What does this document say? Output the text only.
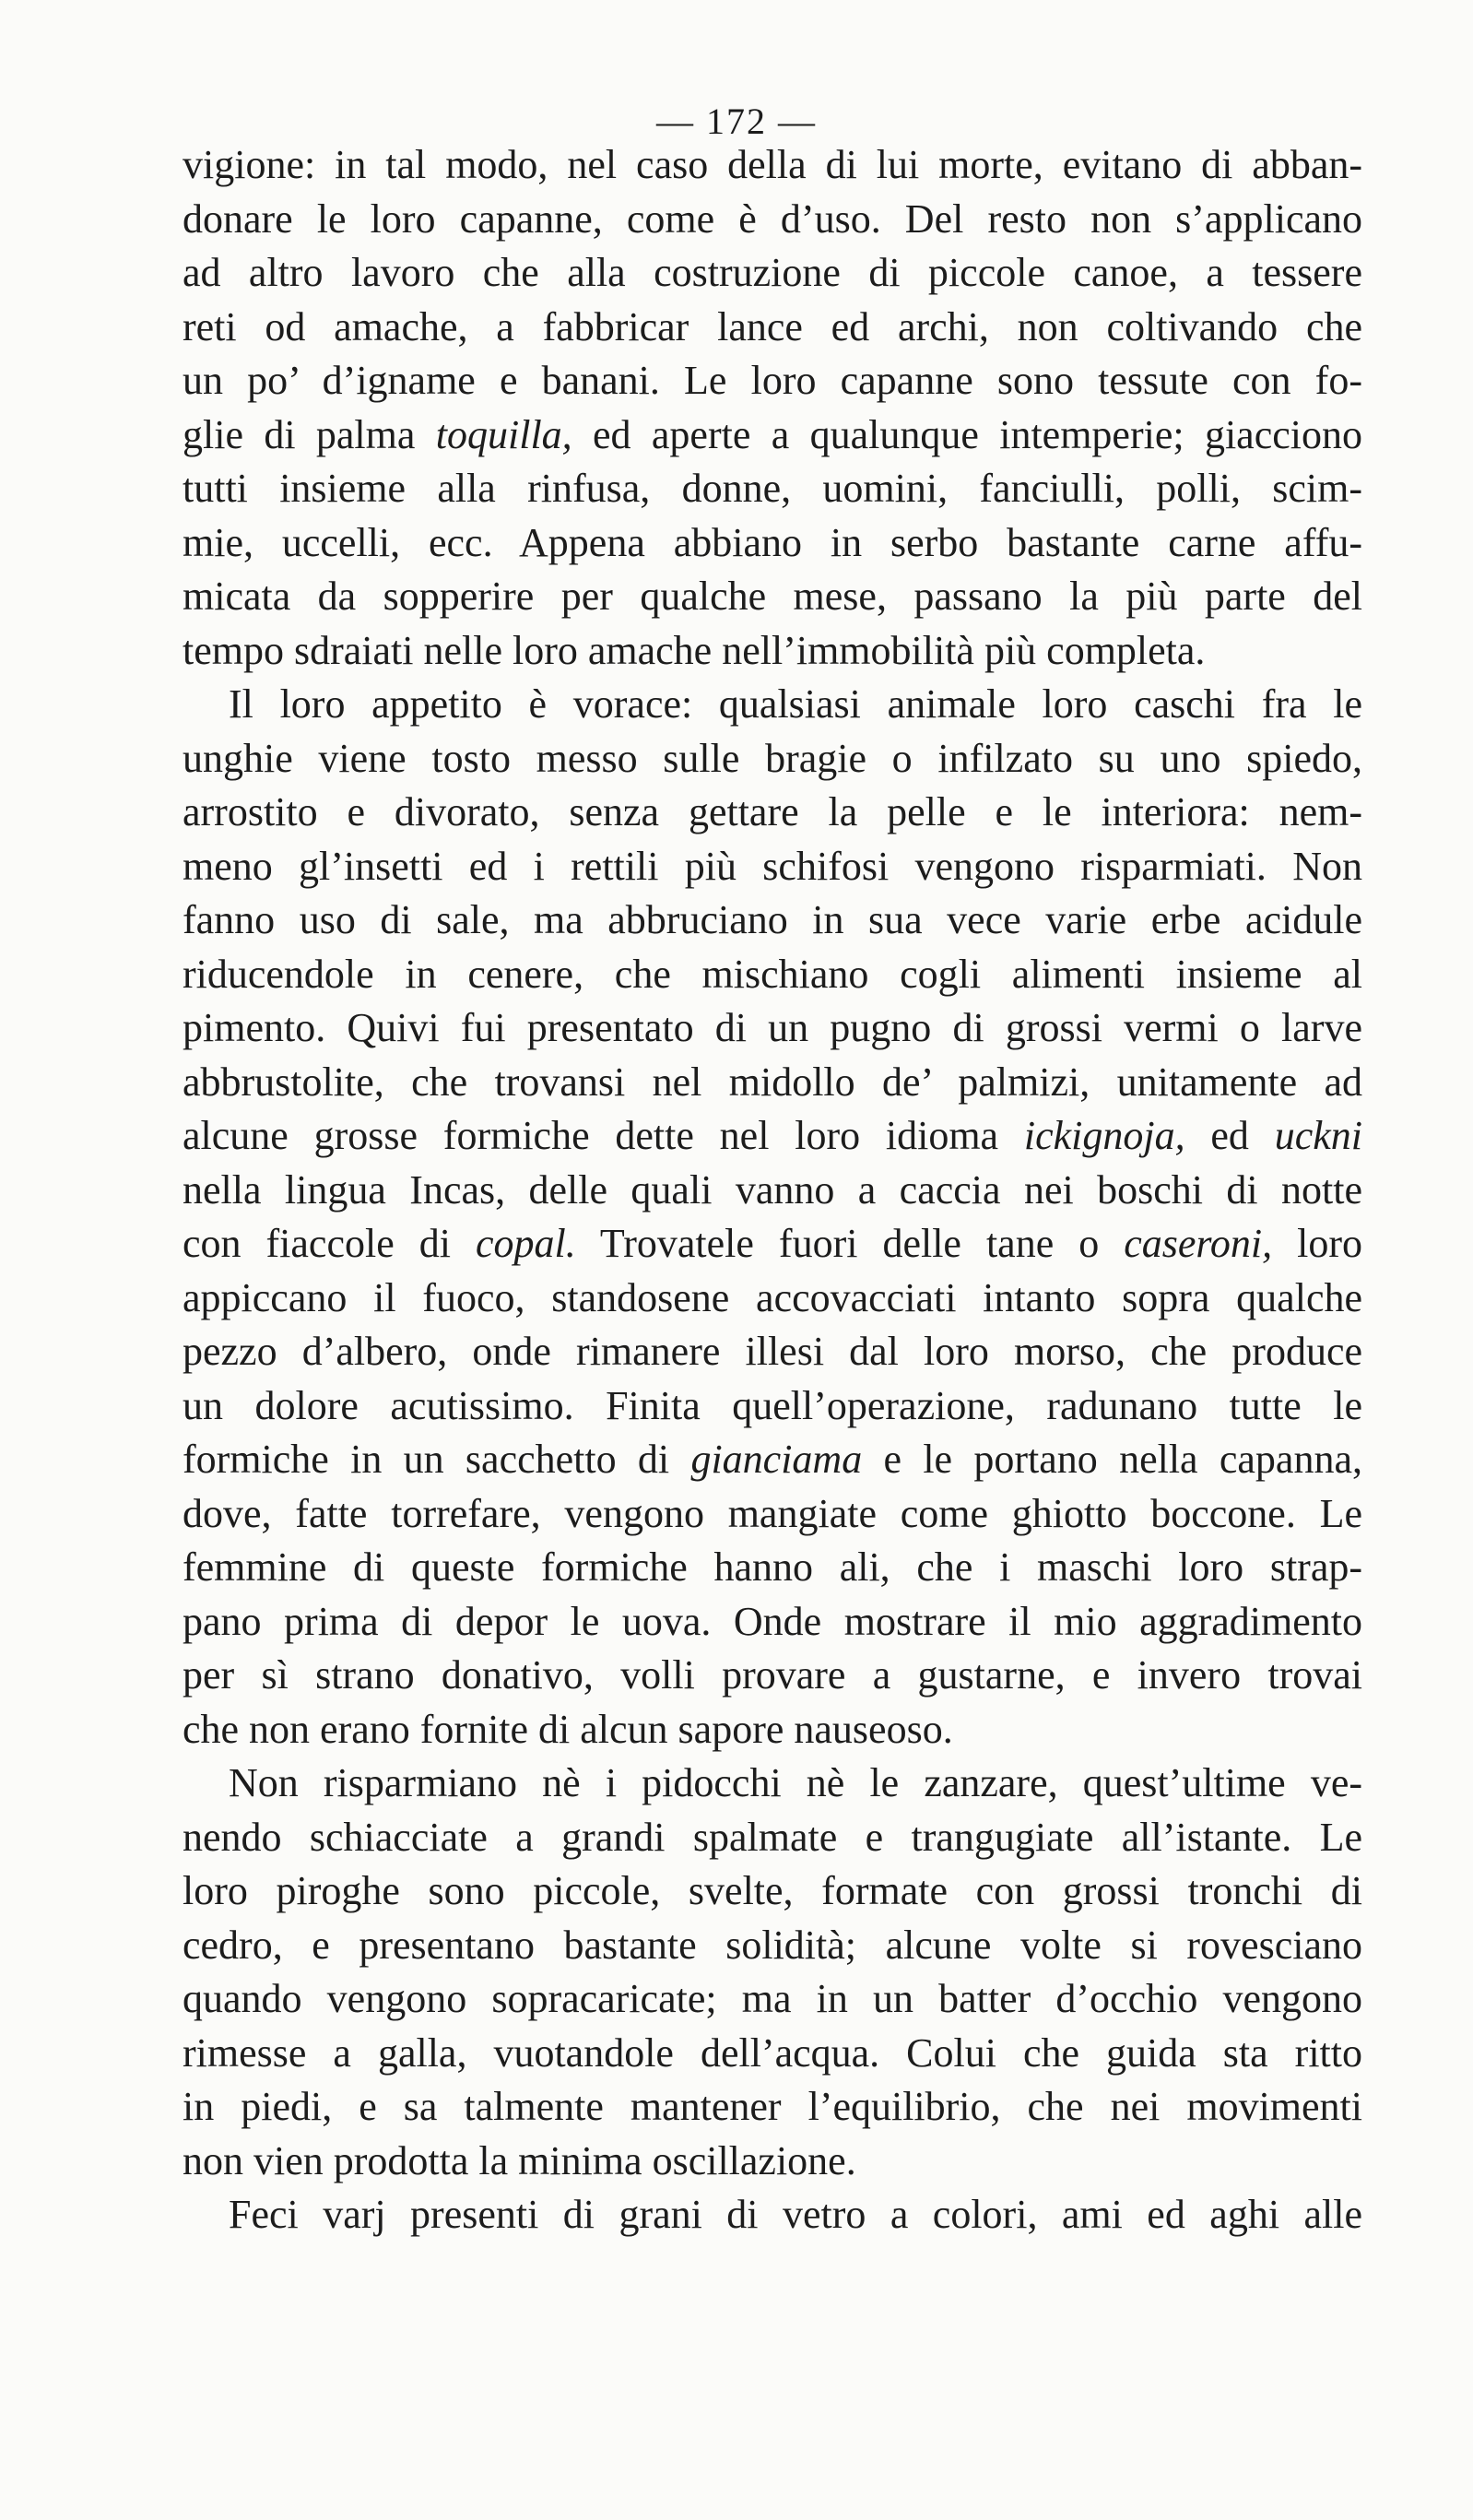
— 172 —
vigione: in tal modo, nel caso della di lui morte, evitano di abban-
donare le loro capanne, come è d’uso. Del resto non s’applicano
ad altro lavoro che alla costruzione di piccole canoe, a tessere
reti od amache, a fabbricar lance ed archi, non coltivando che
un po’ d’igname e banani. Le loro capanne sono tessute con fo-
glie di palma toquilla, ed aperte a qualunque intemperie; giacciono
tutti insieme alla rinfusa, donne, uomini, fanciulli, polli, scim-
mie, uccelli, ecc. Appena abbiano in serbo bastante carne affu-
micata da sopperire per qualche mese, passano la più parte del
tempo sdraiati nelle loro amache nell’immobilità più completa.
Il loro appetito è vorace: qualsiasi animale loro caschi fra le
unghie viene tosto messo sulle bragie o infilzato su uno spiedo,
arrostito e divorato, senza gettare la pelle e le interiora: nem-
meno gl’insetti ed i rettili più schifosi vengono risparmiati. Non
fanno uso di sale, ma abbruciano in sua vece varie erbe acidule
riducendole in cenere, che mischiano cogli alimenti insieme al
pimento. Quivi fui presentato di un pugno di grossi vermi o larve
abbrustolite, che trovansi nel midollo de’ palmizi, unitamente ad
alcune grosse formiche dette nel loro idioma ickignoja, ed uckni
nella lingua Incas, delle quali vanno a caccia nei boschi di notte
con fiaccole di copal. Trovatele fuori delle tane o caseroni, loro
appiccano il fuoco, standosene accovacciati intanto sopra qualche
pezzo d’albero, onde rimanere illesi dal loro morso, che produce
un dolore acutissimo. Finita quell’operazione, radunano tutte le
formiche in un sacchetto di gianciama e le portano nella capanna,
dove, fatte torrefare, vengono mangiate come ghiotto boccone. Le
femmine di queste formiche hanno ali, che i maschi loro strap-
pano prima di depor le uova. Onde mostrare il mio aggradimento
per sì strano donativo, volli provare a gustarne, e invero trovai
che non erano fornite di alcun sapore nauseoso.
Non risparmiano nè i pidocchi nè le zanzare, quest’ultime ve-
nendo schiacciate a grandi spalmate e trangugiate all’istante. Le
loro piroghe sono piccole, svelte, formate con grossi tronchi di
cedro, e presentano bastante solidità; alcune volte si rovesciano
quando vengono sopracaricate; ma in un batter d’occhio vengono
rimesse a galla, vuotandole dell’acqua. Colui che guida sta ritto
in piedi, e sa talmente mantener l’equilibrio, che nei movimenti
non vien prodotta la minima oscillazione.
Feci varj presenti di grani di vetro a colori, ami ed aghi alle
